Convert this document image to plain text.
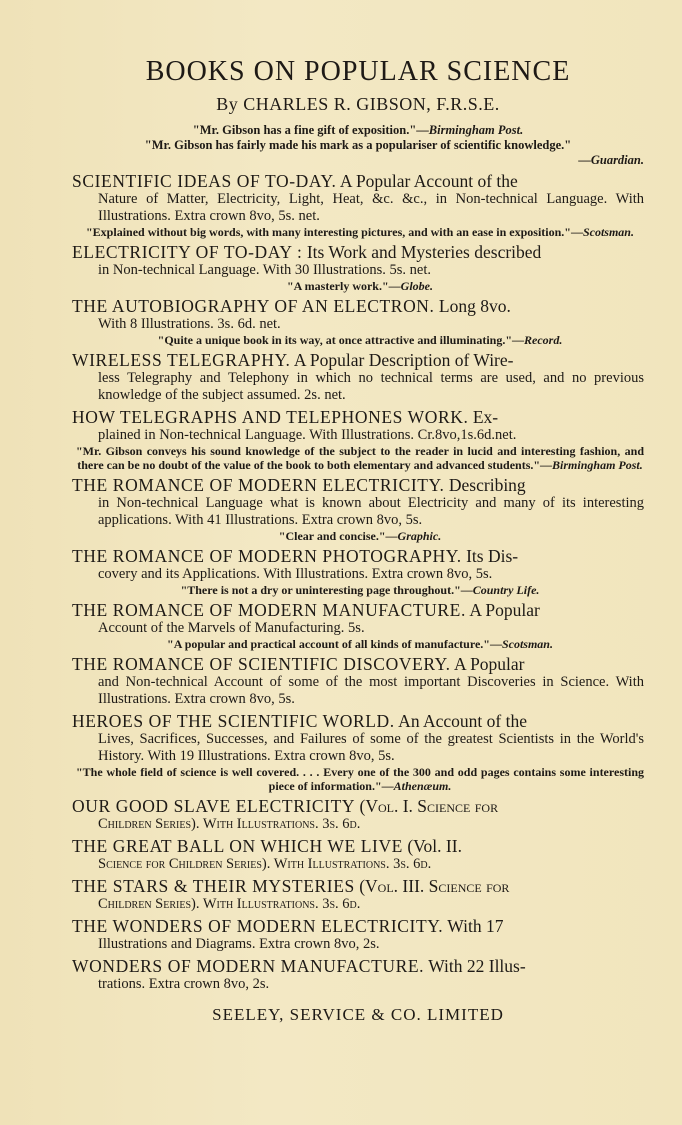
BOOKS ON POPULAR SCIENCE
By CHARLES R. GIBSON, F.R.S.E.
"Mr. Gibson has a fine gift of exposition."—Birmingham Post.
"Mr. Gibson has fairly made his mark as a populariser of scientific knowledge."
—Guardian.
SCIENTIFIC IDEAS OF TO-DAY. A Popular Account of the
Nature of Matter, Electricity, Light, Heat, &c. &c., in Non-technical Language. With Illustrations. Extra crown 8vo, 5s. net.
"Explained without big words, with many interesting pictures, and with an ease in exposition."—Scotsman.
ELECTRICITY OF TO-DAY : Its Work and Mysteries described
in Non-technical Language. With 30 Illustrations. 5s. net.
"A masterly work."—Globe.
THE AUTOBIOGRAPHY OF AN ELECTRON. Long 8vo.
With 8 Illustrations. 3s. 6d. net.
"Quite a unique book in its way, at once attractive and illuminating."—Record.
WIRELESS TELEGRAPHY. A Popular Description of Wire-
less Telegraphy and Telephony in which no technical terms are used, and no previous knowledge of the subject assumed. 2s. net.
HOW TELEGRAPHS AND TELEPHONES WORK. Ex-
plained in Non-technical Language. With Illustrations. Cr.8vo,1s.6d.net.
"Mr. Gibson conveys his sound knowledge of the subject to the reader in lucid and interesting fashion, and there can be no doubt of the value of the book to both elementary and advanced students."—Birmingham Post.
THE ROMANCE OF MODERN ELECTRICITY. Describing
in Non-technical Language what is known about Electricity and many of its interesting applications. With 41 Illustrations. Extra crown 8vo, 5s.
"Clear and concise."—Graphic.
THE ROMANCE OF MODERN PHOTOGRAPHY. Its Dis-
covery and its Applications. With Illustrations. Extra crown 8vo, 5s.
"There is not a dry or uninteresting page throughout."—Country Life.
THE ROMANCE OF MODERN MANUFACTURE. A Popular
Account of the Marvels of Manufacturing. 5s.
"A popular and practical account of all kinds of manufacture."—Scotsman.
THE ROMANCE OF SCIENTIFIC DISCOVERY. A Popular
and Non-technical Account of some of the most important Discoveries in Science. With Illustrations. Extra crown 8vo, 5s.
HEROES OF THE SCIENTIFIC WORLD. An Account of the
Lives, Sacrifices, Successes, and Failures of some of the greatest Scientists in the World's History. With 19 Illustrations. Extra crown 8vo, 5s.
"The whole field of science is well covered. . . . Every one of the 300 and odd pages contains some interesting piece of information."—Athenæum.
OUR GOOD SLAVE ELECTRICITY (Vol. I. Science for
Children Series). With Illustrations. 3s. 6d.
THE GREAT BALL ON WHICH WE LIVE (Vol. II.
Science for Children Series). With Illustrations. 3s. 6d.
THE STARS & THEIR MYSTERIES (Vol. III. Science for
Children Series). With Illustrations. 3s. 6d.
THE WONDERS OF MODERN ELECTRICITY. With 17
Illustrations and Diagrams. Extra crown 8vo, 2s.
WONDERS OF MODERN MANUFACTURE. With 22 Illus-
trations. Extra crown 8vo, 2s.
SEELEY, SERVICE & CO. LIMITED
